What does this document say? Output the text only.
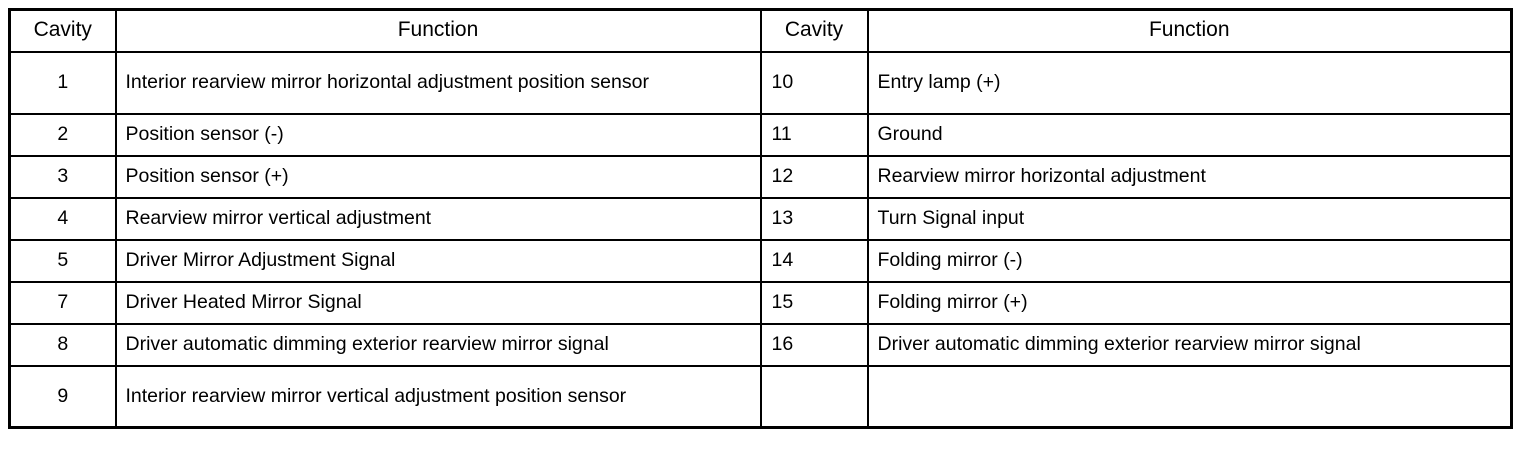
Cavity	Function	Cavity	Function
1	Interior rearview mirror horizontal adjustment position sensor	10	Entry lamp (+)
2	Position sensor (-)	11	Ground
3	Position sensor (+)	12	Rearview mirror horizontal adjustment
4	Rearview mirror vertical adjustment	13	Turn Signal input
5	Driver Mirror Adjustment Signal	14	Folding mirror (-)
7	Driver Heated Mirror Signal	15	Folding mirror (+)
8	Driver automatic dimming exterior rearview mirror signal	16	Driver automatic dimming exterior rearview mirror signal
9	Interior rearview mirror vertical adjustment position sensor		
